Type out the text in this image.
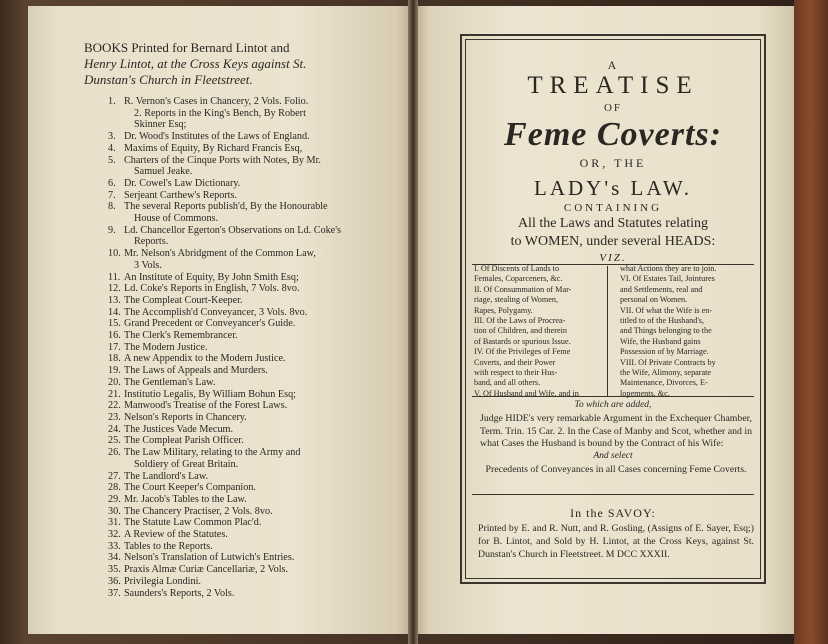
BOOKS Printed for Bernard Lintot and
Henry Lintot, at the Cross Keys against St.
Dunstan's Church in Fleetstreet.
1. R. Vernon's Cases in Chancery, 2 Vols. Folio.
2. Reports in the King's Bench, By Robert
Skinner Esq;
3. Dr. Wood's Institutes of the Laws of England.
4. Maxims of Equity, By Richard Francis Esq,
5. Charters of the Cinque Ports with Notes, By Mr.
Samuel Jeake.
6. Dr. Cowel's Law Dictionary.
7. Serjeant Carthew's Reports.
8. The several Reports publish'd, By the Honourable
House of Commons.
9. Ld. Chancellor Egerton's Observations on Ld. Coke's
Reports.
10. Mr. Nelson's Abridgment of the Common Law,
3 Vols.
11. An Institute of Equity, By John Smith Esq;
12. Ld. Coke's Reports in English, 7 Vols. 8vo.
13. The Compleat Court-Keeper.
14. The Accomplish'd Conveyancer, 3 Vols. 8vo.
15. Grand Precedent or Conveyancer's Guide.
16. The Clerk's Remembrancer.
17. The Modern Justice.
18. A new Appendix to the Modern Justice.
19. The Laws of Appeals and Murders.
20. The Gentleman's Law.
21. Institutio Legalis, By William Bohun Esq;
22. Manwood's Treatise of the Forest Laws.
23. Nelson's Reports in Chancery.
24. The Justices Vade Mecum.
25. The Compleat Parish Officer.
26. The Law Military, relating to the Army and
Soldiery of Great Britain.
27. The Landlord's Law.
28. The Court Keeper's Companion.
29. Mr. Jacob's Tables to the Law.
30. The Chancery Practiser, 2 Vols. 8vo.
31. The Statute Law Common Plac'd.
32. A Review of the Statutes.
33. Tables to the Reports.
34. Nelson's Translation of Lutwich's Entries.
35. Praxis Almæ Curiæ Cancellariæ, 2 Vols.
36. Privilegia Londini.
37. Saunders's Reports, 2 Vols.
A
TREATISE
OF
Feme Coverts:
OR, THE
LADY's LAW.
CONTAINING
All the Laws and Statutes relating
to WOMEN, under several HEADS:
VIZ.
I. Of Discents of Lands to
Females, Coparceners, &c.
II. Of Consummation of Mar-
riage, stealing of Women,
Rapes, Polygamy.
III. Of the Laws of Procrea-
tion of Children, and therein
of Bastards or spurious Issue.
IV. Of the Privileges of Feme
Coverts, and their Power
with respect to their Hus-
band, and all others.
V. Of Husband and Wife, and in
what Actions they are to join.
VI. Of Estates Tail, Jointures
and Settlements, real and
personal on Women.
VII. Of what the Wife is en-
titled to of the Husband's,
and Things belonging to the
Wife, the Husband gains
Possession of by Marriage.
VIII. Of Private Contracts by
the Wife, Alimony, separate
Maintenance, Divorces, E-
lopements, &c.
To which are added,
Judge HIDE's very remarkable Argument in the Exchequer Chamber, Term. Trin. 15 Car. 2. In the Case of Manby and Scot, whether and in what Cases the Husband is bound by the Contract of his Wife:
And select
Precedents of Conveyances in all Cases concerning Feme Coverts.
In the SAVOY:
Printed by E. and R. Nutt, and R. Gosling, (Assigns of E. Sayer, Esq;) for B. Lintot, and Sold by H. Lintot, at the Cross Keys, against St. Dunstan's Church in Fleetstreet. M DCC XXXII.
